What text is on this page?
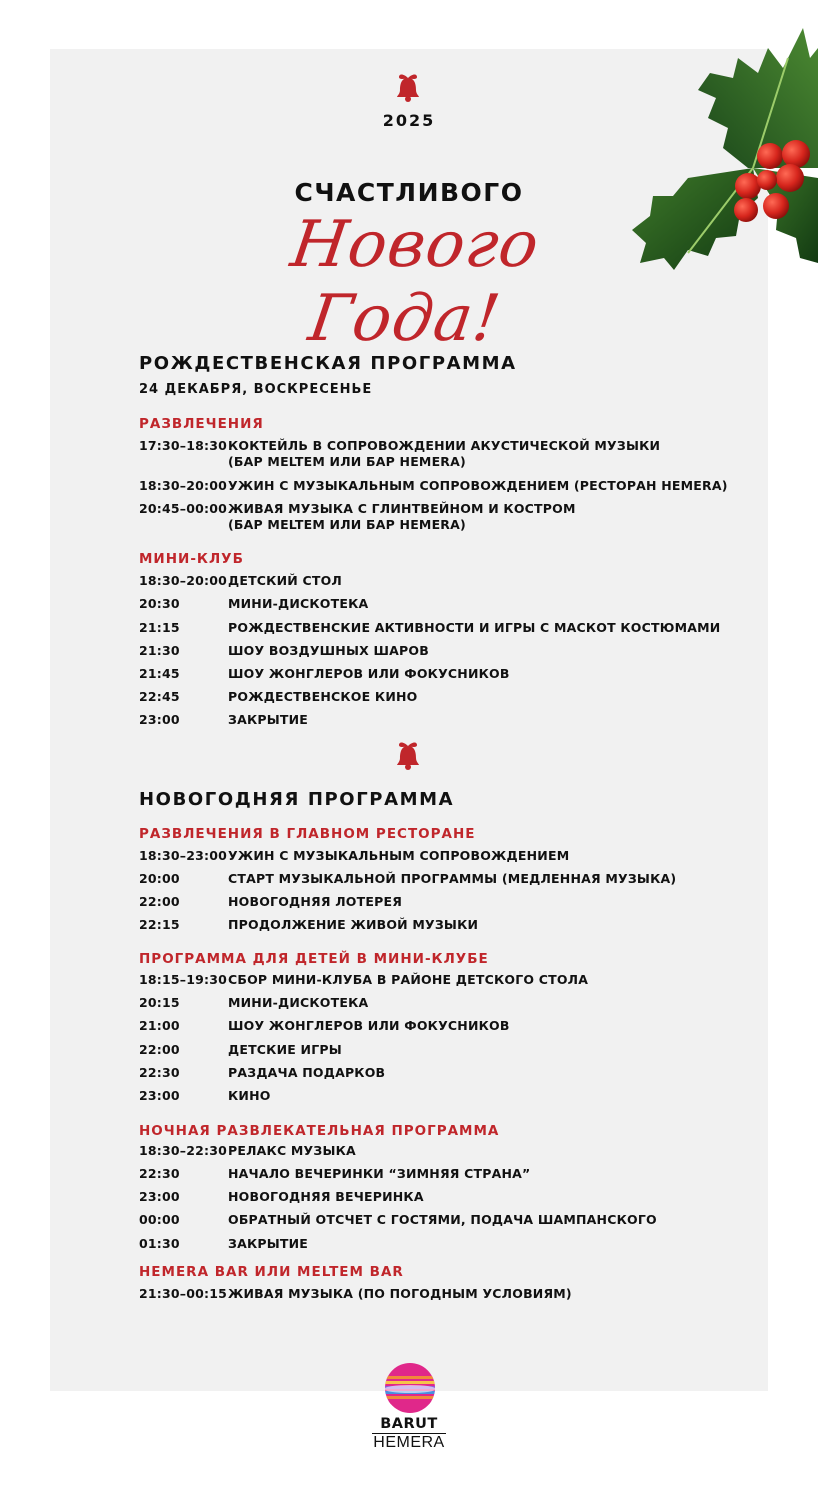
2025
СЧАСТЛИВОГО
Нового Года!
РОЖДЕСТВЕНСКАЯ ПРОГРАММА
24 ДЕКАБРЯ, ВОСКРЕСЕНЬЕ
РАЗВЛЕЧЕНИЯ
17:30–18:30 КОКТЕЙЛЬ В СОПРОВОЖДЕНИИ АКУСТИЧЕСКОЙ МУЗЫКИ
(БАР MELTEM ИЛИ БАР HEMERA)
18:30–20:00 УЖИН С МУЗЫКАЛЬНЫМ СОПРОВОЖДЕНИЕМ (РЕСТОРАН HEMERA)
20:45–00:00 ЖИВАЯ МУЗЫКА С ГЛИНТВЕЙНОМ И КОСТРОМ
(БАР MELTEM ИЛИ БАР HEMERA)
МИНИ-КЛУБ
18:30–20:00 ДЕТСКИЙ СТОЛ
20:30	МИНИ-ДИСКОТЕКА
21:15	РОЖДЕСТВЕНСКИЕ АКТИВНОСТИ И ИГРЫ С МАСКОТ КОСТЮМАМИ
21:30	ШОУ ВОЗДУШНЫХ ШАРОВ
21:45	ШОУ ЖОНГЛЕРОВ ИЛИ ФОКУСНИКОВ
22:45	РОЖДЕСТВЕНСКОЕ КИНО
23:00	ЗАКРЫТИЕ
НОВОГОДНЯЯ ПРОГРАММА
РАЗВЛЕЧЕНИЯ В ГЛАВНОМ РЕСТОРАНЕ
18:30–23:00 УЖИН С МУЗЫКАЛЬНЫМ СОПРОВОЖДЕНИЕМ
20:00	СТАРТ МУЗЫКАЛЬНОЙ ПРОГРАММЫ (МЕДЛЕННАЯ МУЗЫКА)
22:00	НОВОГОДНЯЯ ЛОТЕРЕЯ
22:15	ПРОДОЛЖЕНИЕ ЖИВОЙ МУЗЫКИ
ПРОГРАММА ДЛЯ ДЕТЕЙ В МИНИ-КЛУБЕ
18:15–19:30 СБОР МИНИ-КЛУБА В РАЙОНЕ ДЕТСКОГО СТОЛА
20:15	МИНИ-ДИСКОТЕКА
21:00	ШОУ ЖОНГЛЕРОВ ИЛИ ФОКУСНИКОВ
22:00	ДЕТСКИЕ ИГРЫ
22:30	РАЗДАЧА ПОДАРКОВ
23:00	КИНО
НОЧНАЯ РАЗВЛЕКАТЕЛЬНАЯ ПРОГРАММА
18:30–22:30 РЕЛАКС МУЗЫКА
22:30	НАЧАЛО ВЕЧЕРИНКИ “ЗИМНЯЯ СТРАНА”
23:00	НОВОГОДНЯЯ ВЕЧЕРИНКА
00:00	ОБРАТНЫЙ ОТСЧЕТ С ГОСТЯМИ, ПОДАЧА ШАМПАНСКОГО
01:30	ЗАКРЫТИЕ
HEMERA BAR ИЛИ MELTEM BAR
21:30–00:15 ЖИВАЯ МУЗЫКА (ПО ПОГОДНЫМ УСЛОВИЯМ)
BARUT
HEMERA
